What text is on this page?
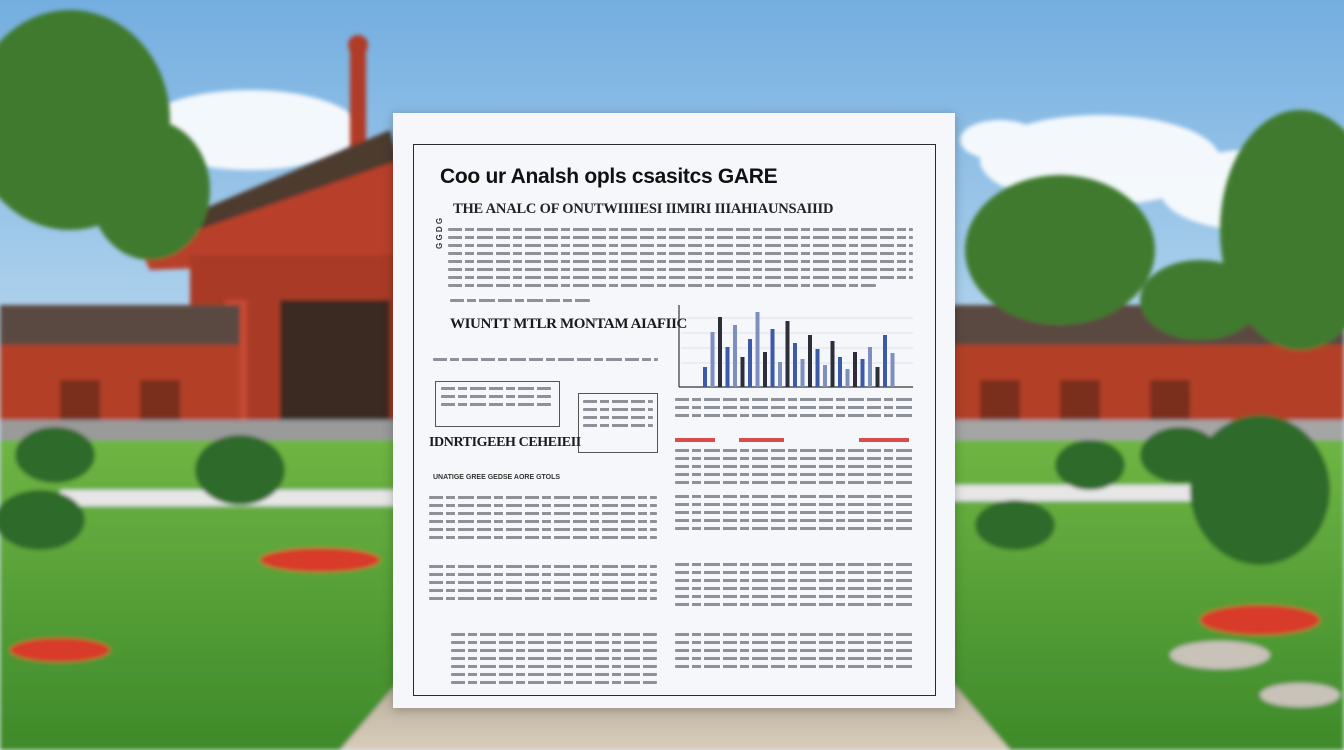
Coo ur Analsh opls csasitcs GARE
G G D G
THE ANALC OF ONUTWIIIIESI IIMIRI IIIAHIAUNSAIIID

WIUNTT MTLR MONTAM AIAFIIC
IDNRTIGEEH CEHEIEII
UNATIGE GREE GEDSE AORE GTOLS
